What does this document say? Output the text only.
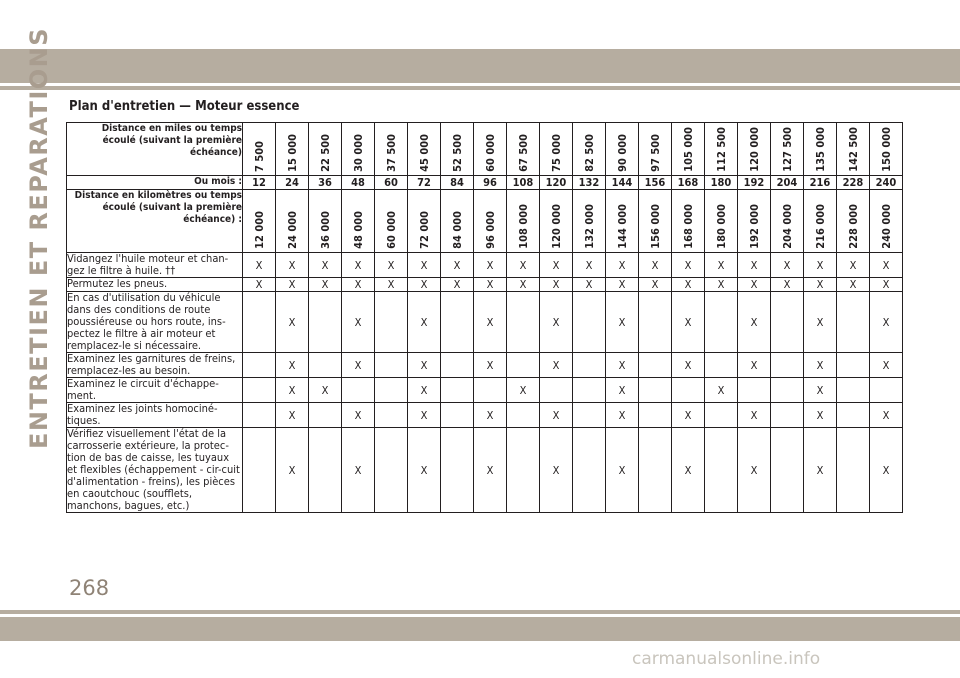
ENTRETIEN ET REPARATIONS Plan d'entretien — Moteur essence
Distance en miles ou temps écoulé (suivant la première échéance)	7 500	15 000	22 500	30 000	37 500	45 000	52 500	60 000	67 500	75 000	82 500	90 000	97 500	105 000	112 500	120 000	127 500	135 000	142 500	150 000
Ou mois :	12	24	36	48	60	72	84	96	108	120	132	144	156	168	180	192	204	216	228	240
Distance en kilomètres ou temps écoulé (suivant la première échéance) :	12 000	24 000	36 000	48 000	60 000	72 000	84 000	96 000	108 000	120 000	132 000	144 000	156 000	168 000	180 000	192 000	204 000	216 000	228 000	240 000
Vidangez l'huile moteur et chan-gez le filtre à huile. ††	X	X	X	X	X	X	X	X	X	X	X	X	X	X	X	X	X	X	X	X
Permutez les pneus.	X	X	X	X	X	X	X	X	X	X	X	X	X	X	X	X	X	X	X	X
En cas d'utilisation du véhicule dans des conditions de route poussiéreuse ou hors route, ins-pectez le filtre à air moteur et remplacez-le si nécessaire.		X		X		X		X		X		X		X		X		X		X
Examinez les garnitures de freins, remplacez-les au besoin.		X		X		X		X		X		X		X		X		X		X
Examinez le circuit d'échappe-ment.		X	X			X			X			X			X			X		
Examinez les joints homociné-tiques.		X		X		X		X		X		X		X		X		X		X
Vérifiez visuellement l'état de la carrosserie extérieure, la protec-tion de bas de caisse, les tuyaux et flexibles (échappement - cir-cuit d'alimentation - freins), les pièces en caoutchouc (soufflets, manchons, bagues, etc.)		X		X		X		X		X		X		X		X		X		X
268
carmanualsonline.info
